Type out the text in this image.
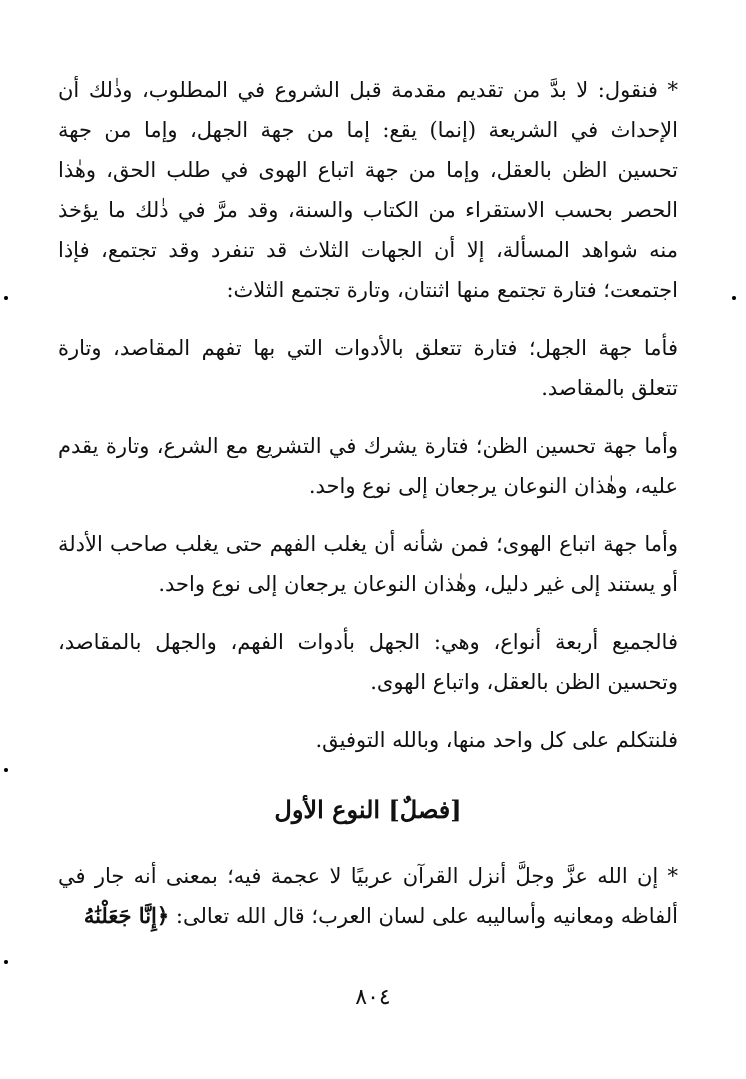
* فنقول: لا بدَّ من تقديم مقدمة قبل الشروع في المطلوب، وذٰلك أن الإحداث في الشريعة (إنما) يقع: إما من جهة الجهل، وإما من جهة تحسين الظن بالعقل، وإما من جهة اتباع الهوى في طلب الحق، وهٰذا الحصر بحسب الاستقراء من الكتاب والسنة، وقد مرَّ في ذٰلك ما يؤخذ منه شواهد المسألة، إلا أن الجهات الثلاث قد تنفرد وقد تجتمع، فإذا اجتمعت؛ فتارة تجتمع منها اثنتان، وتارة تجتمع الثلاث:

فأما جهة الجهل؛ فتارة تتعلق بالأدوات التي بها تفهم المقاصد، وتارة تتعلق بالمقاصد.

وأما جهة تحسين الظن؛ فتارة يشرك في التشريع مع الشرع، وتارة يقدم عليه، وهٰذان النوعان يرجعان إلى نوع واحد.

وأما جهة اتباع الهوى؛ فمن شأنه أن يغلب الفهم حتى يغلب صاحب الأدلة أو يستند إلى غير دليل، وهٰذان النوعان يرجعان إلى نوع واحد.

فالجميع أربعة أنواع، وهي: الجهل بأدوات الفهم، والجهل بالمقاصد، وتحسين الظن بالعقل، واتباع الهوى.

فلنتكلم على كل واحد منها، وبالله التوفيق.

[فصلٌ] النوع الأول

* إن الله عزَّ وجلَّ أنزل القرآن عربيًا لا عجمة فيه؛ بمعنى أنه جار في ألفاظه ومعانيه وأساليبه على لسان العرب؛ قال الله تعالى: ﴿إِنَّا جَعَلْنَٰهُ

٨٠٤
